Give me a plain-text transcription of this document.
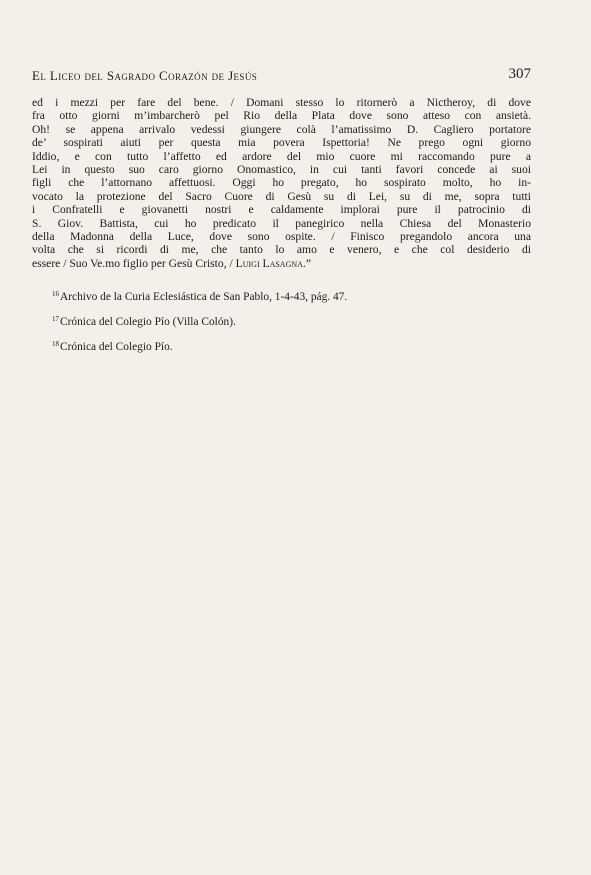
El Liceo del Sagrado Corazón de Jesús	307
ed i mezzi per fare del bene. / Domani stesso lo ritornerò a Nictheroy, di dove
fra otto giorni m’imbarcherò pel Rio della Plata dove sono atteso con ansietà.
Oh! se appena arrivalo vedessi giungere colà l’amatissimo D. Cagliero portatore
de’ sospirati aiuti per questa mia povera Ispettoria! Ne prego ogni giorno
Iddio, e con tutto l’affetto ed ardore del mio cuore mi raccomando pure a
Lei in questo suo caro giorno Onomastico, in cui tanti favori concede ai suoi
figli che l’attornano affettuosi. Oggi ho pregato, ho sospirato molto, ho in-
vocato la protezione del Sacro Cuore di Gesù su di Lei, su di me, sopra tutti
i Confratelli e giovanetti nostri e caldamente implorai pure il patrocinio di
S. Giov. Battista, cui ho predicato il panegirico nella Chiesa del Monasterio
della Madonna della Luce, dove sono ospite. / Finisco pregandolo ancora una
volta che si ricordi di me, che tanto lo amo e venero, e che col desiderio di
essere / Suo Ve.mo figlio per Gesù Cristo, / Luigi Lasagna.”
$^{16}$Archivo de la Curia Eclesiástica de San Pablo, 1-4-43, pág. 47.
$^{17}$Crónica del Colegio Pío (Villa Colón).
$^{18}$Crónica del Colegio Pío.
